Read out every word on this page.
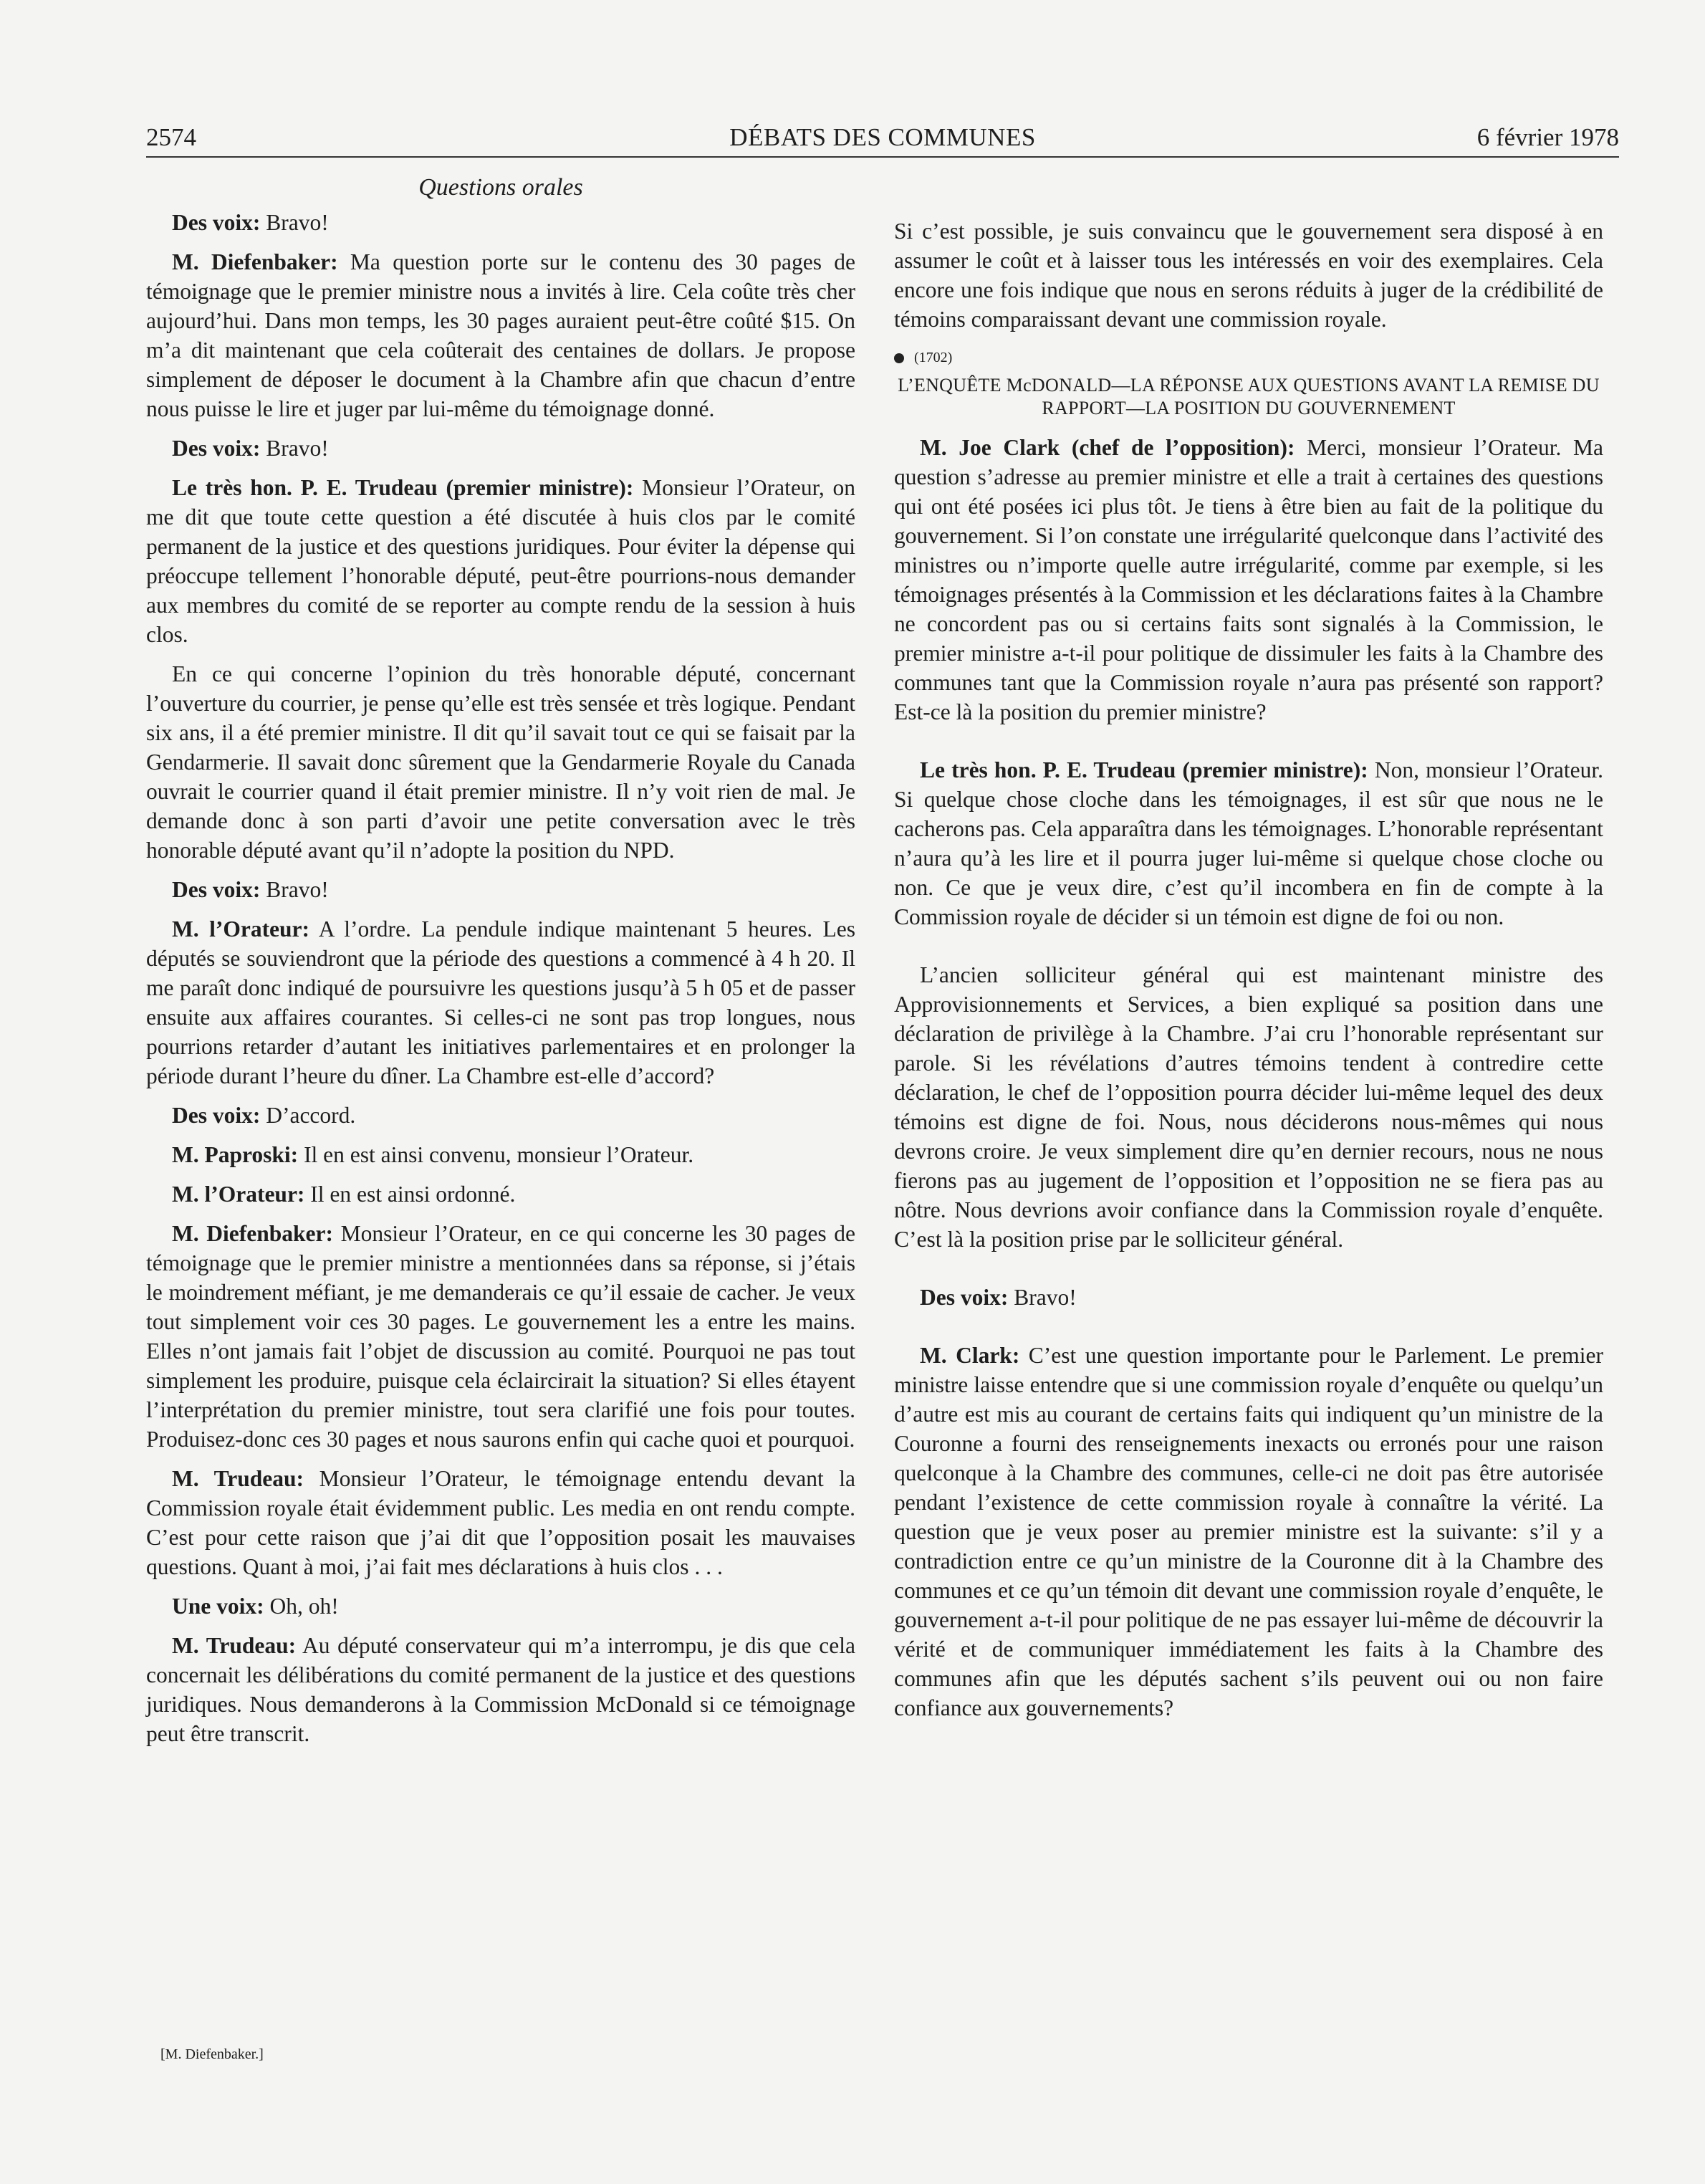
2574	DÉBATS DES COMMUNES	6 février 1978
Questions orales

Des voix: Bravo!

M. Diefenbaker: Ma question porte sur le contenu des 30 pages de témoignage que le premier ministre nous a invités à lire. Cela coûte très cher aujourd’hui. Dans mon temps, les 30 pages auraient peut-être coûté $15. On m’a dit maintenant que cela coûterait des centaines de dollars. Je propose simplement de déposer le document à la Chambre afin que chacun d’entre nous puisse le lire et juger par lui-même du témoignage donné.

Des voix: Bravo!

Le très hon. P. E. Trudeau (premier ministre): Monsieur l’Orateur, on me dit que toute cette question a été discutée à huis clos par le comité permanent de la justice et des questions juridiques. Pour éviter la dépense qui préoccupe tellement l’honorable député, peut-être pourrions-nous demander aux membres du comité de se reporter au compte rendu de la session à huis clos.

En ce qui concerne l’opinion du très honorable député, concernant l’ouverture du courrier, je pense qu’elle est très sensée et très logique. Pendant six ans, il a été premier ministre. Il dit qu’il savait tout ce qui se faisait par la Gendarmerie. Il savait donc sûrement que la Gendarmerie Royale du Canada ouvrait le courrier quand il était premier ministre. Il n’y voit rien de mal. Je demande donc à son parti d’avoir une petite conversation avec le très honorable député avant qu’il n’adopte la position du NPD.

Des voix: Bravo!

M. l’Orateur: A l’ordre. La pendule indique maintenant 5 heures. Les députés se souviendront que la période des questions a commencé à 4 h 20. Il me paraît donc indiqué de poursuivre les questions jusqu’à 5 h 05 et de passer ensuite aux affaires courantes. Si celles-ci ne sont pas trop longues, nous pourrions retarder d’autant les initiatives parlementaires et en prolonger la période durant l’heure du dîner. La Chambre est-elle d’accord?

Des voix: D’accord.

M. Paproski: Il en est ainsi convenu, monsieur l’Orateur.

M. l’Orateur: Il en est ainsi ordonné.

M. Diefenbaker: Monsieur l’Orateur, en ce qui concerne les 30 pages de témoignage que le premier ministre a mentionnées dans sa réponse, si j’étais le moindrement méfiant, je me demanderais ce qu’il essaie de cacher. Je veux tout simplement voir ces 30 pages. Le gouvernement les a entre les mains. Elles n’ont jamais fait l’objet de discussion au comité. Pourquoi ne pas tout simplement les produire, puisque cela éclaircirait la situation? Si elles étayent l’interprétation du premier ministre, tout sera clarifié une fois pour toutes. Produisez-donc ces 30 pages et nous saurons enfin qui cache quoi et pourquoi.

M. Trudeau: Monsieur l’Orateur, le témoignage entendu devant la Commission royale était évidemment public. Les media en ont rendu compte. C’est pour cette raison que j’ai dit que l’opposition posait les mauvaises questions. Quant à moi, j’ai fait mes déclarations à huis clos . . .

Une voix: Oh, oh!

M. Trudeau: Au député conservateur qui m’a interrompu, je dis que cela concernait les délibérations du comité permanent de la justice et des questions juridiques. Nous demanderons à la Commission McDonald si ce témoignage peut être transcrit.

Si c’est possible, je suis convaincu que le gouvernement sera disposé à en assumer le coût et à laisser tous les intéressés en voir des exemplaires. Cela encore une fois indique que nous en serons réduits à juger de la crédibilité de témoins comparaissant devant une commission royale.

(1702)
L’ENQUÊTE McDONALD—LA RÉPONSE AUX QUESTIONS AVANT LA REMISE DU RAPPORT—LA POSITION DU GOUVERNEMENT

M. Joe Clark (chef de l’opposition): Merci, monsieur l’Orateur. Ma question s’adresse au premier ministre et elle a trait à certaines des questions qui ont été posées ici plus tôt. Je tiens à être bien au fait de la politique du gouvernement. Si l’on constate une irrégularité quelconque dans l’activité des ministres ou n’importe quelle autre irrégularité, comme par exemple, si les témoignages présentés à la Commission et les déclarations faites à la Chambre ne concordent pas ou si certains faits sont signalés à la Commission, le premier ministre a-t-il pour politique de dissimuler les faits à la Chambre des communes tant que la Commission royale n’aura pas présenté son rapport? Est-ce là la position du premier ministre?

Le très hon. P. E. Trudeau (premier ministre): Non, monsieur l’Orateur. Si quelque chose cloche dans les témoignages, il est sûr que nous ne le cacherons pas. Cela apparaîtra dans les témoignages. L’honorable représentant n’aura qu’à les lire et il pourra juger lui-même si quelque chose cloche ou non. Ce que je veux dire, c’est qu’il incombera en fin de compte à la Commission royale de décider si un témoin est digne de foi ou non.

L’ancien solliciteur général qui est maintenant ministre des Approvisionnements et Services, a bien expliqué sa position dans une déclaration de privilège à la Chambre. J’ai cru l’honorable représentant sur parole. Si les révélations d’autres témoins tendent à contredire cette déclaration, le chef de l’opposition pourra décider lui-même lequel des deux témoins est digne de foi. Nous, nous déciderons nous-mêmes qui nous devrons croire. Je veux simplement dire qu’en dernier recours, nous ne nous fierons pas au jugement de l’opposition et l’opposition ne se fiera pas au nôtre. Nous devrions avoir confiance dans la Commission royale d’enquête. C’est là la position prise par le solliciteur général.

Des voix: Bravo!

M. Clark: C’est une question importante pour le Parlement. Le premier ministre laisse entendre que si une commission royale d’enquête ou quelqu’un d’autre est mis au courant de certains faits qui indiquent qu’un ministre de la Couronne a fourni des renseignements inexacts ou erronés pour une raison quelconque à la Chambre des communes, celle-ci ne doit pas être autorisée pendant l’existence de cette commission royale à connaître la vérité. La question que je veux poser au premier ministre est la suivante: s’il y a contradiction entre ce qu’un ministre de la Couronne dit à la Chambre des communes et ce qu’un témoin dit devant une commission royale d’enquête, le gouvernement a-t-il pour politique de ne pas essayer lui-même de découvrir la vérité et de communiquer immédiatement les faits à la Chambre des communes afin que les députés sachent s’ils peuvent oui ou non faire confiance aux gouvernements?

[M. Diefenbaker.]
